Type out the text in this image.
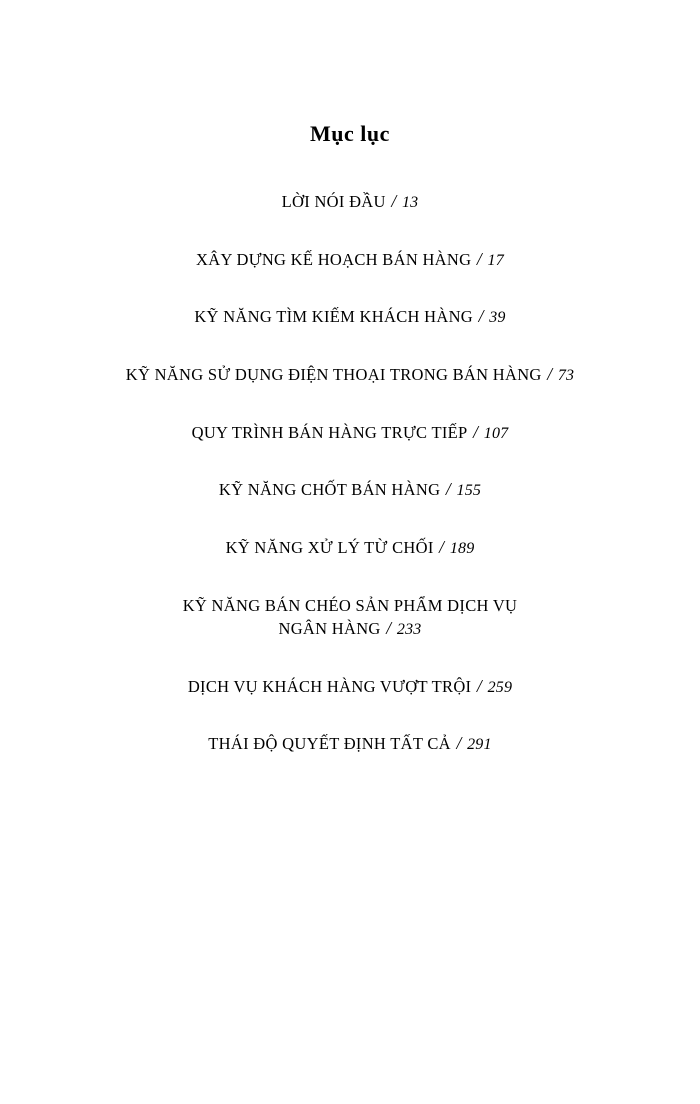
Mục lục
LỜI NÓI ĐẦU / 13
XÂY DỰNG KẾ HOẠCH BÁN HÀNG / 17
KỸ NĂNG TÌM KIẾM KHÁCH HÀNG / 39
KỸ NĂNG SỬ DỤNG ĐIỆN THOẠI TRONG BÁN HÀNG / 73
QUY TRÌNH BÁN HÀNG TRỰC TIẾP / 107
KỸ NĂNG CHỐT BÁN HÀNG / 155
KỸ NĂNG XỬ LÝ TỪ CHỐI / 189
KỸ NĂNG BÁN CHÉO SẢN PHẨM DỊCH VỤ
NGÂN HÀNG / 233
DỊCH VỤ KHÁCH HÀNG VƯỢT TRỘI / 259
THÁI ĐỘ QUYẾT ĐỊNH TẤT CẢ / 291
